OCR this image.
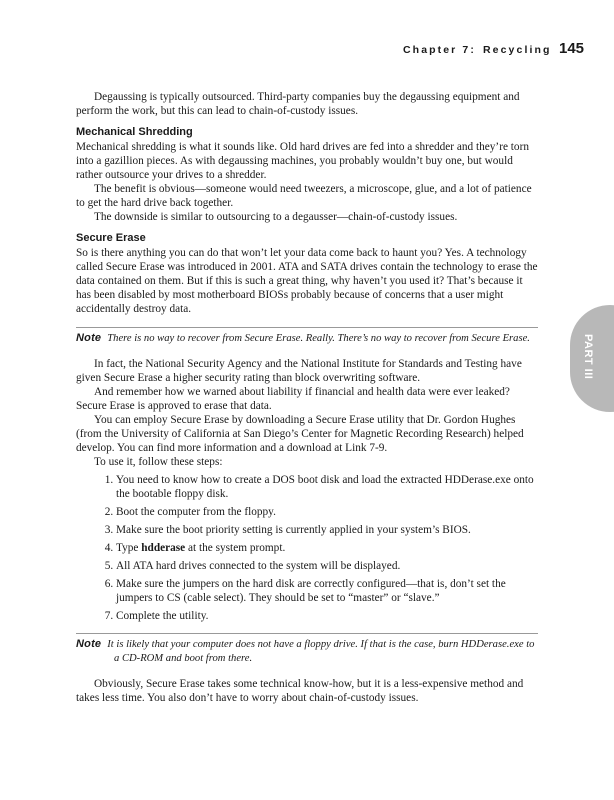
Chapter 7: Recycling 145
PART III

Degaussing is typically outsourced. Third-party companies buy the degaussing equipment and perform the work, but this can lead to chain-of-custody issues.

Mechanical Shredding

Mechanical shredding is what it sounds like. Old hard drives are fed into a shredder and they’re torn into a gazillion pieces. As with degaussing machines, you probably wouldn’t buy one, but would rather outsource your drives to a shredder.

The benefit is obvious—someone would need tweezers, a microscope, glue, and a lot of patience to get the hard drive back together.

The downside is similar to outsourcing to a degausser—chain-of-custody issues.

Secure Erase

So is there anything you can do that won’t let your data come back to haunt you? Yes. A technology called Secure Erase was introduced in 2001. ATA and SATA drives contain the technology to erase the data contained on them. But if this is such a great thing, why haven’t you used it? That’s because it has been disabled by most motherboard BIOSs probably because of concerns that a user might accidentally destroy data.

Note There is no way to recover from Secure Erase. Really. There’s no way to recover from Secure Erase.

In fact, the National Security Agency and the National Institute for Standards and Testing have given Secure Erase a higher security rating than block overwriting software.

And remember how we warned about liability if financial and health data were ever leaked? Secure Erase is approved to erase that data.

You can employ Secure Erase by downloading a Secure Erase utility that Dr. Gordon Hughes (from the University of California at San Diego’s Center for Magnetic Recording Research) helped develop. You can find more information and a download at Link 7-9.

To use it, follow these steps:

1. You need to know how to create a DOS boot disk and load the extracted HDDerase.exe onto the bootable floppy disk.
2. Boot the computer from the floppy.
3. Make sure the boot priority setting is currently applied in your system’s BIOS.
4. Type hdderase at the system prompt.
5. All ATA hard drives connected to the system will be displayed.
6. Make sure the jumpers on the hard disk are correctly configured—that is, don’t set the jumpers to CS (cable select). They should be set to “master” or “slave.”
7. Complete the utility.
Note It is likely that your computer does not have a floppy drive. If that is the case, burn HDDerase.exe to a CD-ROM and boot from there.

Obviously, Secure Erase takes some technical know-how, but it is a less-expensive method and takes less time. You also don’t have to worry about chain-of-custody issues.
